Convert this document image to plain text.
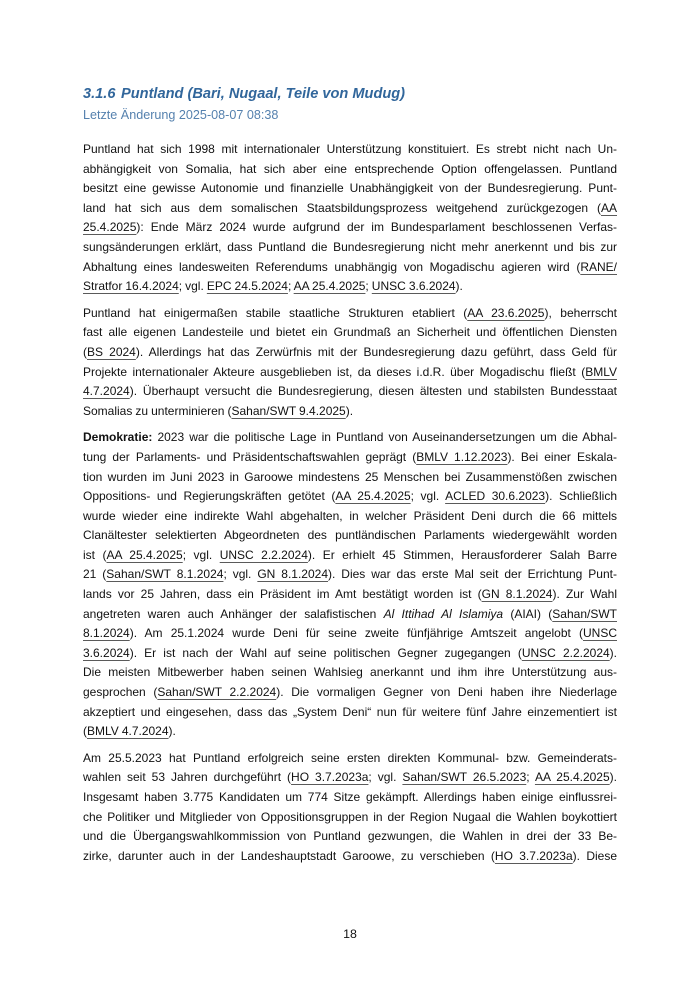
3.1.6 Puntland (Bari, Nugaal, Teile von Mudug)
Letzte Änderung 2025-08-07 08:38
Puntland hat sich 1998 mit internationaler Unterstützung konstituiert. Es strebt nicht nach Un-
abhängigkeit von Somalia, hat sich aber eine entsprechende Option offengelassen. Puntland
besitzt eine gewisse Autonomie und finanzielle Unabhängigkeit von der Bundesregierung. Punt-
land hat sich aus dem somalischen Staatsbildungsprozess weitgehend zurückgezogen (AA
25.4.2025): Ende März 2024 wurde aufgrund der im Bundesparlament beschlossenen Verfas-
sungsänderungen erklärt, dass Puntland die Bundesregierung nicht mehr anerkennt und bis zur
Abhaltung eines landesweiten Referendums unabhängig von Mogadischu agieren wird (RANE/
Stratfor 16.4.2024; vgl. EPC 24.5.2024; AA 25.4.2025; UNSC 3.6.2024).
Puntland hat einigermaßen stabile staatliche Strukturen etabliert (AA 23.6.2025), beherrscht
fast alle eigenen Landesteile und bietet ein Grundmaß an Sicherheit und öffentlichen Diensten
(BS 2024). Allerdings hat das Zerwürfnis mit der Bundesregierung dazu geführt, dass Geld für
Projekte internationaler Akteure ausgeblieben ist, da dieses i.d.R. über Mogadischu fließt (BMLV
4.7.2024). Überhaupt versucht die Bundesregierung, diesen ältesten und stabilsten Bundesstaat
Somalias zu unterminieren (Sahan/SWT 9.4.2025).
Demokratie: 2023 war die politische Lage in Puntland von Auseinandersetzungen um die Abhal-
tung der Parlaments- und Präsidentschaftswahlen geprägt (BMLV 1.12.2023). Bei einer Eskala-
tion wurden im Juni 2023 in Garoowe mindestens 25 Menschen bei Zusammenstößen zwischen
Oppositions- und Regierungskräften getötet (AA 25.4.2025; vgl. ACLED 30.6.2023). Schließlich
wurde wieder eine indirekte Wahl abgehalten, in welcher Präsident Deni durch die 66 mittels
Clanältester selektierten Abgeordneten des puntländischen Parlaments wiedergewählt worden
ist (AA 25.4.2025; vgl. UNSC 2.2.2024). Er erhielt 45 Stimmen, Herausforderer Salah Barre
21 (Sahan/SWT 8.1.2024; vgl. GN 8.1.2024). Dies war das erste Mal seit der Errichtung Punt-
lands vor 25 Jahren, dass ein Präsident im Amt bestätigt worden ist (GN 8.1.2024). Zur Wahl
angetreten waren auch Anhänger der salafistischen Al Ittihad Al Islamiya (AIAI) (Sahan/SWT
8.1.2024). Am 25.1.2024 wurde Deni für seine zweite fünfjährige Amtszeit angelobt (UNSC
3.6.2024). Er ist nach der Wahl auf seine politischen Gegner zugegangen (UNSC 2.2.2024).
Die meisten Mitbewerber haben seinen Wahlsieg anerkannt und ihm ihre Unterstützung aus-
gesprochen (Sahan/SWT 2.2.2024). Die vormaligen Gegner von Deni haben ihre Niederlage
akzeptiert und eingesehen, dass das „System Deni“ nun für weitere fünf Jahre einzementiert ist
(BMLV 4.7.2024).
Am 25.5.2023 hat Puntland erfolgreich seine ersten direkten Kommunal- bzw. Gemeinderats-
wahlen seit 53 Jahren durchgeführt (HO 3.7.2023a; vgl. Sahan/SWT 26.5.2023; AA 25.4.2025).
Insgesamt haben 3.775 Kandidaten um 774 Sitze gekämpft. Allerdings haben einige einflussrei-
che Politiker und Mitglieder von Oppositionsgruppen in der Region Nugaal die Wahlen boykottiert
und die Übergangswahlkommission von Puntland gezwungen, die Wahlen in drei der 33 Be-
zirke, darunter auch in der Landeshauptstadt Garoowe, zu verschieben (HO 3.7.2023a). Diese
18
